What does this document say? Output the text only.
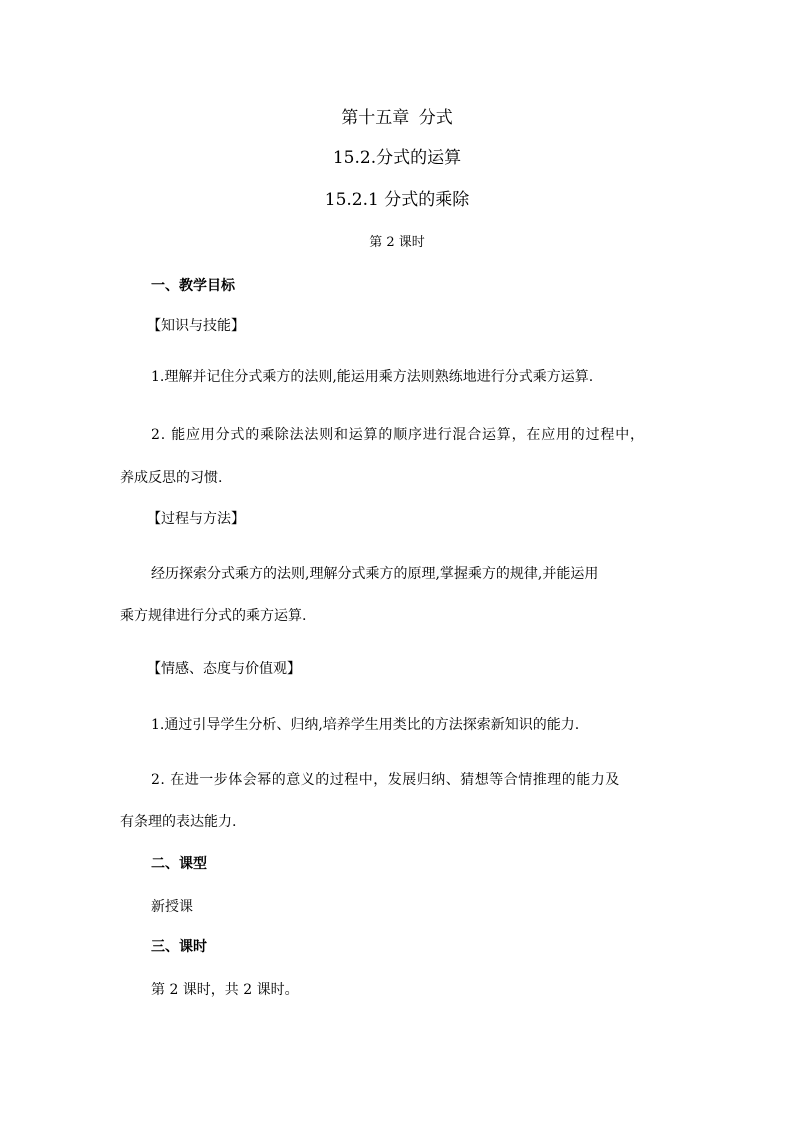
第十五章 分式
15.2.分式的运算
15.2.1 分式的乘除
第 2 课时
一、教学目标
【知识与技能】
1.理解并记住分式乘方的法则,能运用乘方法则熟练地进行分式乘方运算.
2. 能应用分式的乘除法法则和运算的顺序进行混合运算，在应用的过程中，
养成反思的习惯.
【过程与方法】
经历探索分式乘方的法则,理解分式乘方的原理,掌握乘方的规律,并能运用
乘方规律进行分式的乘方运算.
【情感、态度与价值观】
1.通过引导学生分析、归纳,培养学生用类比的方法探索新知识的能力.
2. 在进一步体会幂的意义的过程中，发展归纳、猜想等合情推理的能力及
有条理的表达能力.
二、课型
新授课
三、课时
第 2 课时，共 2 课时。
